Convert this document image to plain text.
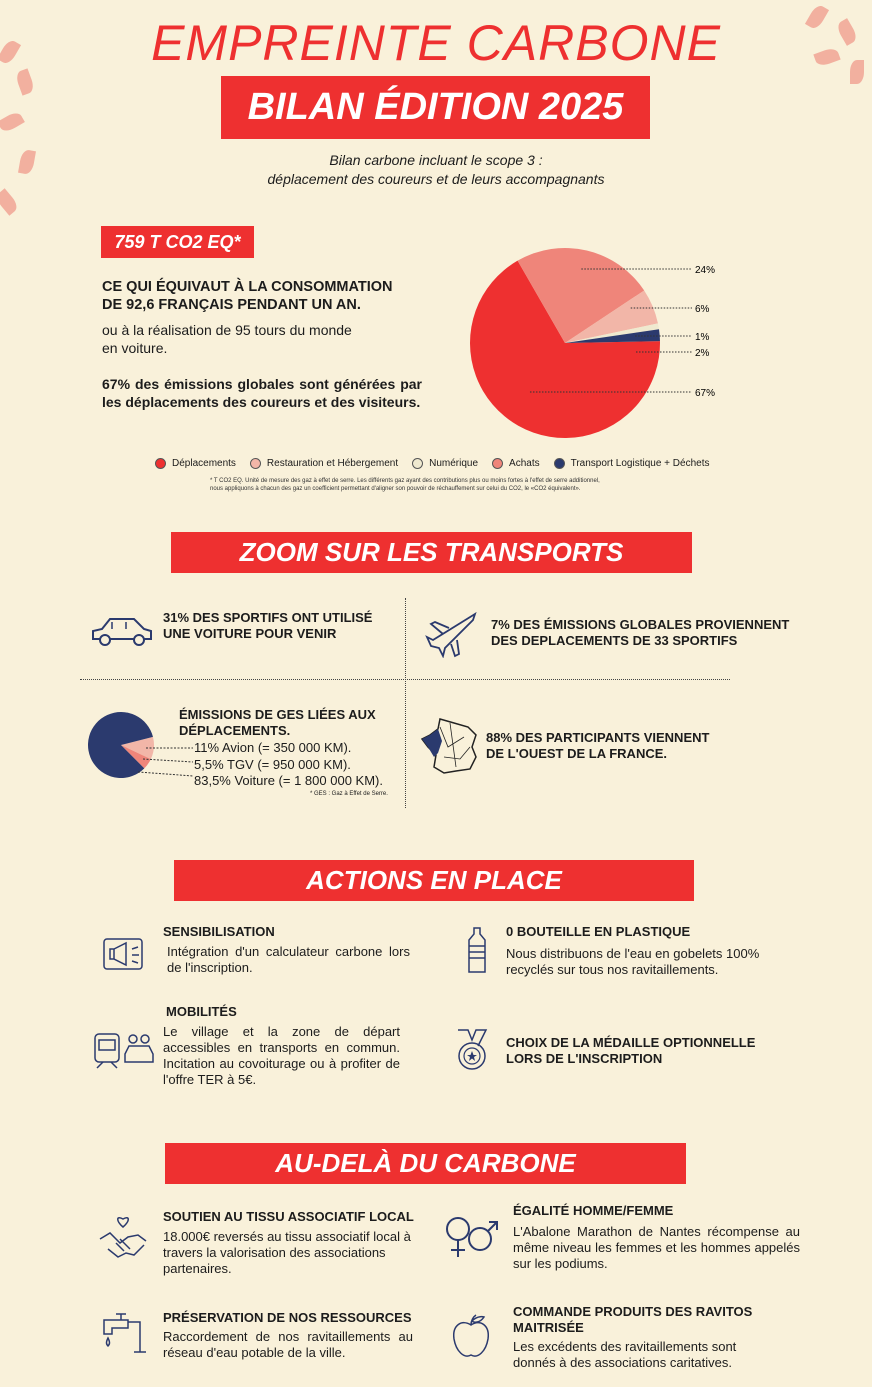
EMPREINTE CARBONE
BILAN ÉDITION 2025
Bilan carbone incluant le scope 3 :
déplacement des coureurs et de leurs accompagnants
759 T CO2 EQ*
CE QUI ÉQUIVAUT À LA CONSOMMATION
DE 92,6 FRANÇAIS PENDANT UN AN.
ou à la réalisation de 95 tours du monde
en voiture.
67% des émissions globales sont générées par les déplacements des coureurs et des visiteurs.
67%
24%
6%
1%
2%
Déplacements	Restauration et Hébergement	Numérique	Achats	Transport Logistique + Déchets
* T CO2 EQ. Unité de mesure des gaz à effet de serre. Les différents gaz ayant des contributions plus ou moins fortes à l'effet de serre additionnel,
nous appliquons à chacun des gaz un coefficient permettant d'aligner son pouvoir de réchauffement sur celui du CO2, le «CO2 équivalent».
ZOOM SUR LES TRANSPORTS
31% DES SPORTIFS ONT UTILISÉ
UNE VOITURE POUR VENIR
7% DES ÉMISSIONS GLOBALES PROVIENNENT
DES DEPLACEMENTS DE 33 SPORTIFS
ÉMISSIONS DE GES LIÉES AUX
DÉPLACEMENTS.
11% Avion (= 350 000 KM).
5,5% TGV (= 950 000 KM).
83,5% Voiture (= 1 800 000 KM).
* GES : Gaz à Effet de Serre.
88% DES PARTICIPANTS VIENNENT
DE L'OUEST DE LA FRANCE.
ACTIONS EN PLACE
SENSIBILISATION
Intégration d'un calculateur carbone lors de l'inscription.
0 BOUTEILLE EN PLASTIQUE
Nous distribuons de l'eau en gobelets 100% recyclés sur tous nos ravitaillements.
MOBILITÉS
Le village et la zone de départ accessibles en transports en commun. Incitation au covoiturage ou à profiter de l'offre TER à 5€.
CHOIX DE LA MÉDAILLE OPTIONNELLE LORS DE L'INSCRIPTION
AU-DELÀ DU CARBONE
SOUTIEN AU TISSU ASSOCIATIF LOCAL
18.000€ reversés au tissu associatif local à travers la valorisation des associations partenaires.
ÉGALITÉ HOMME/FEMME
L'Abalone Marathon de Nantes récompense au même niveau les femmes et les hommes appelés sur les podiums.
PRÉSERVATION DE NOS RESSOURCES
Raccordement de nos ravitaillements au réseau d'eau potable de la ville.
COMMANDE PRODUITS DES RAVITOS MAITRISÉE
Les excédents des ravitaillements sont donnés à des associations caritatives.
